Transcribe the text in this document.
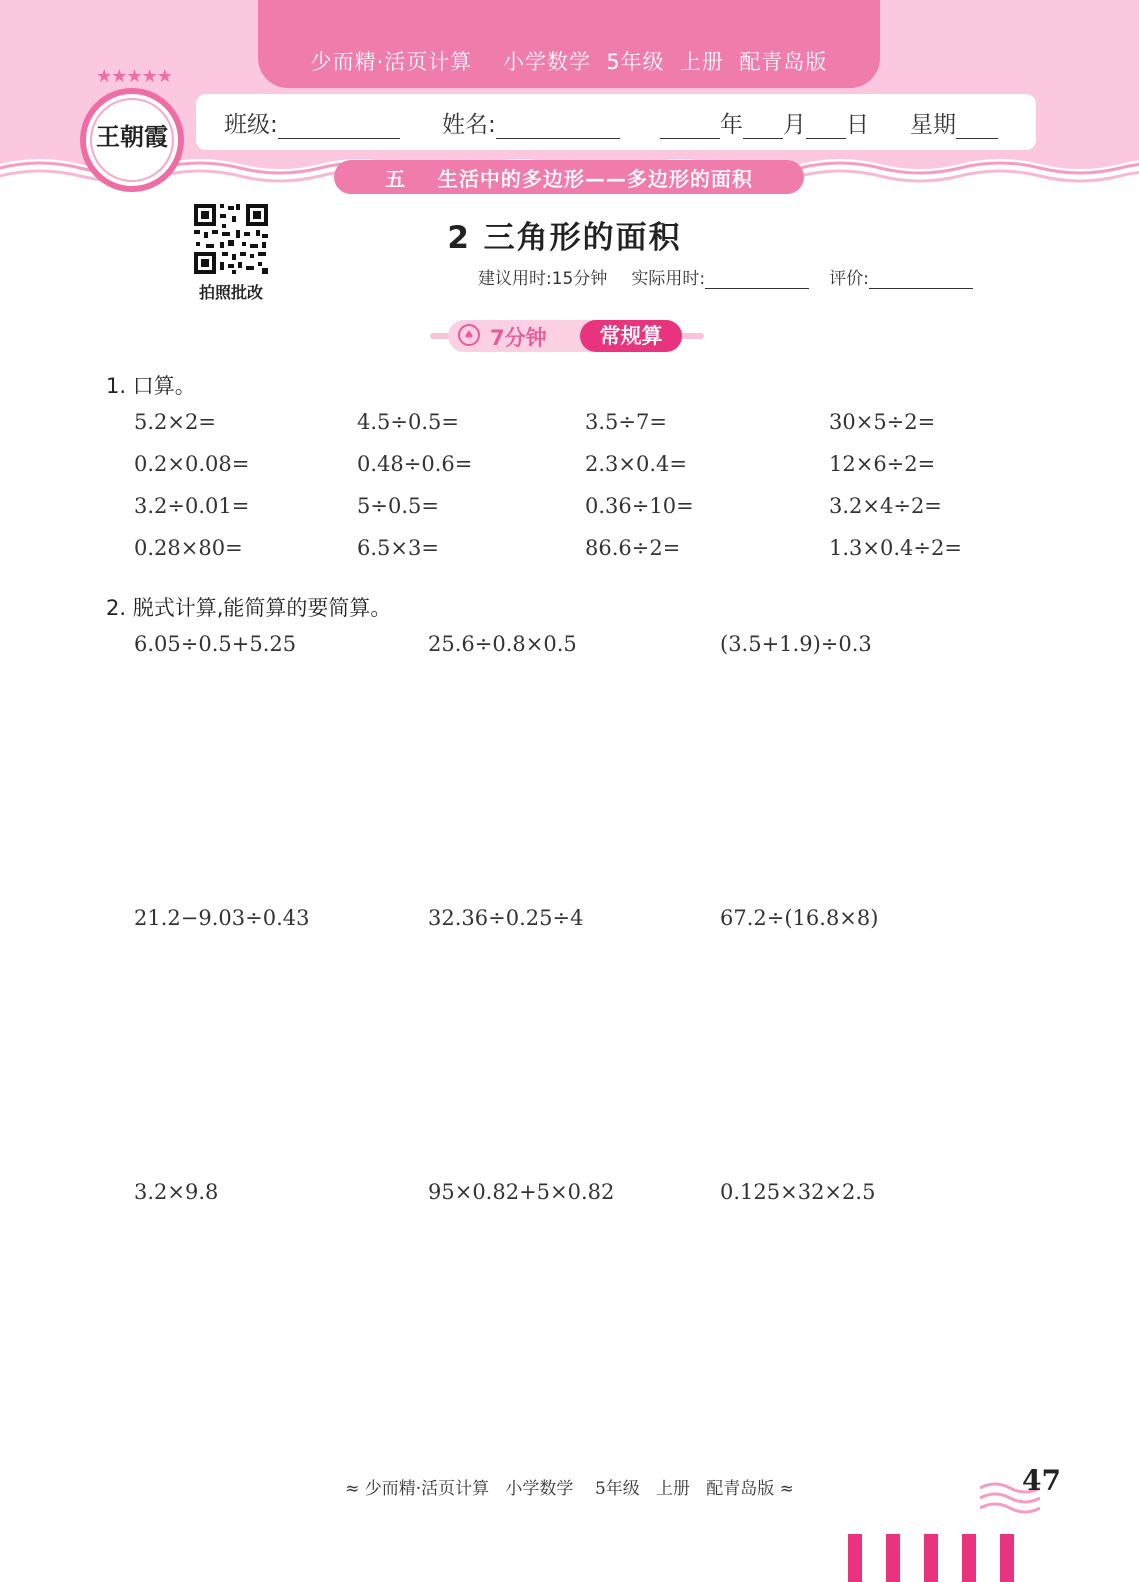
少而精·活页计算    小学数学  5年级  上册  配青岛版
班级:	姓名:	年 月 日 星期
五    生活中的多边形——多边形的面积
★★★★★
王朝霞
拍照批改
2 三角形的面积
建议用时:15分钟 实际用时:	评价:
♠ 7分钟	常规算
1. 口算。
5.2×2=	4.5÷0.5=	3.5÷7=	30×5÷2=
0.2×0.08=	0.48÷0.6=	2.3×0.4=	12×6÷2=
3.2÷0.01=	5÷0.5=	0.36÷10=	3.2×4÷2=
0.28×80=	6.5×3=	86.6÷2=	1.3×0.4÷2=
2. 脱式计算,能简算的要简算。
6.05÷0.5+5.25	25.6÷0.8×0.5	(3.5+1.9)÷0.3
21.2−9.03÷0.43	32.36÷0.25÷4	67.2÷(16.8×8)
3.2×9.8	95×0.82+5×0.82	0.125×32×2.5
≈ 少而精·活页计算   小学数学    5年级   上册   配青岛版 ≈	47
